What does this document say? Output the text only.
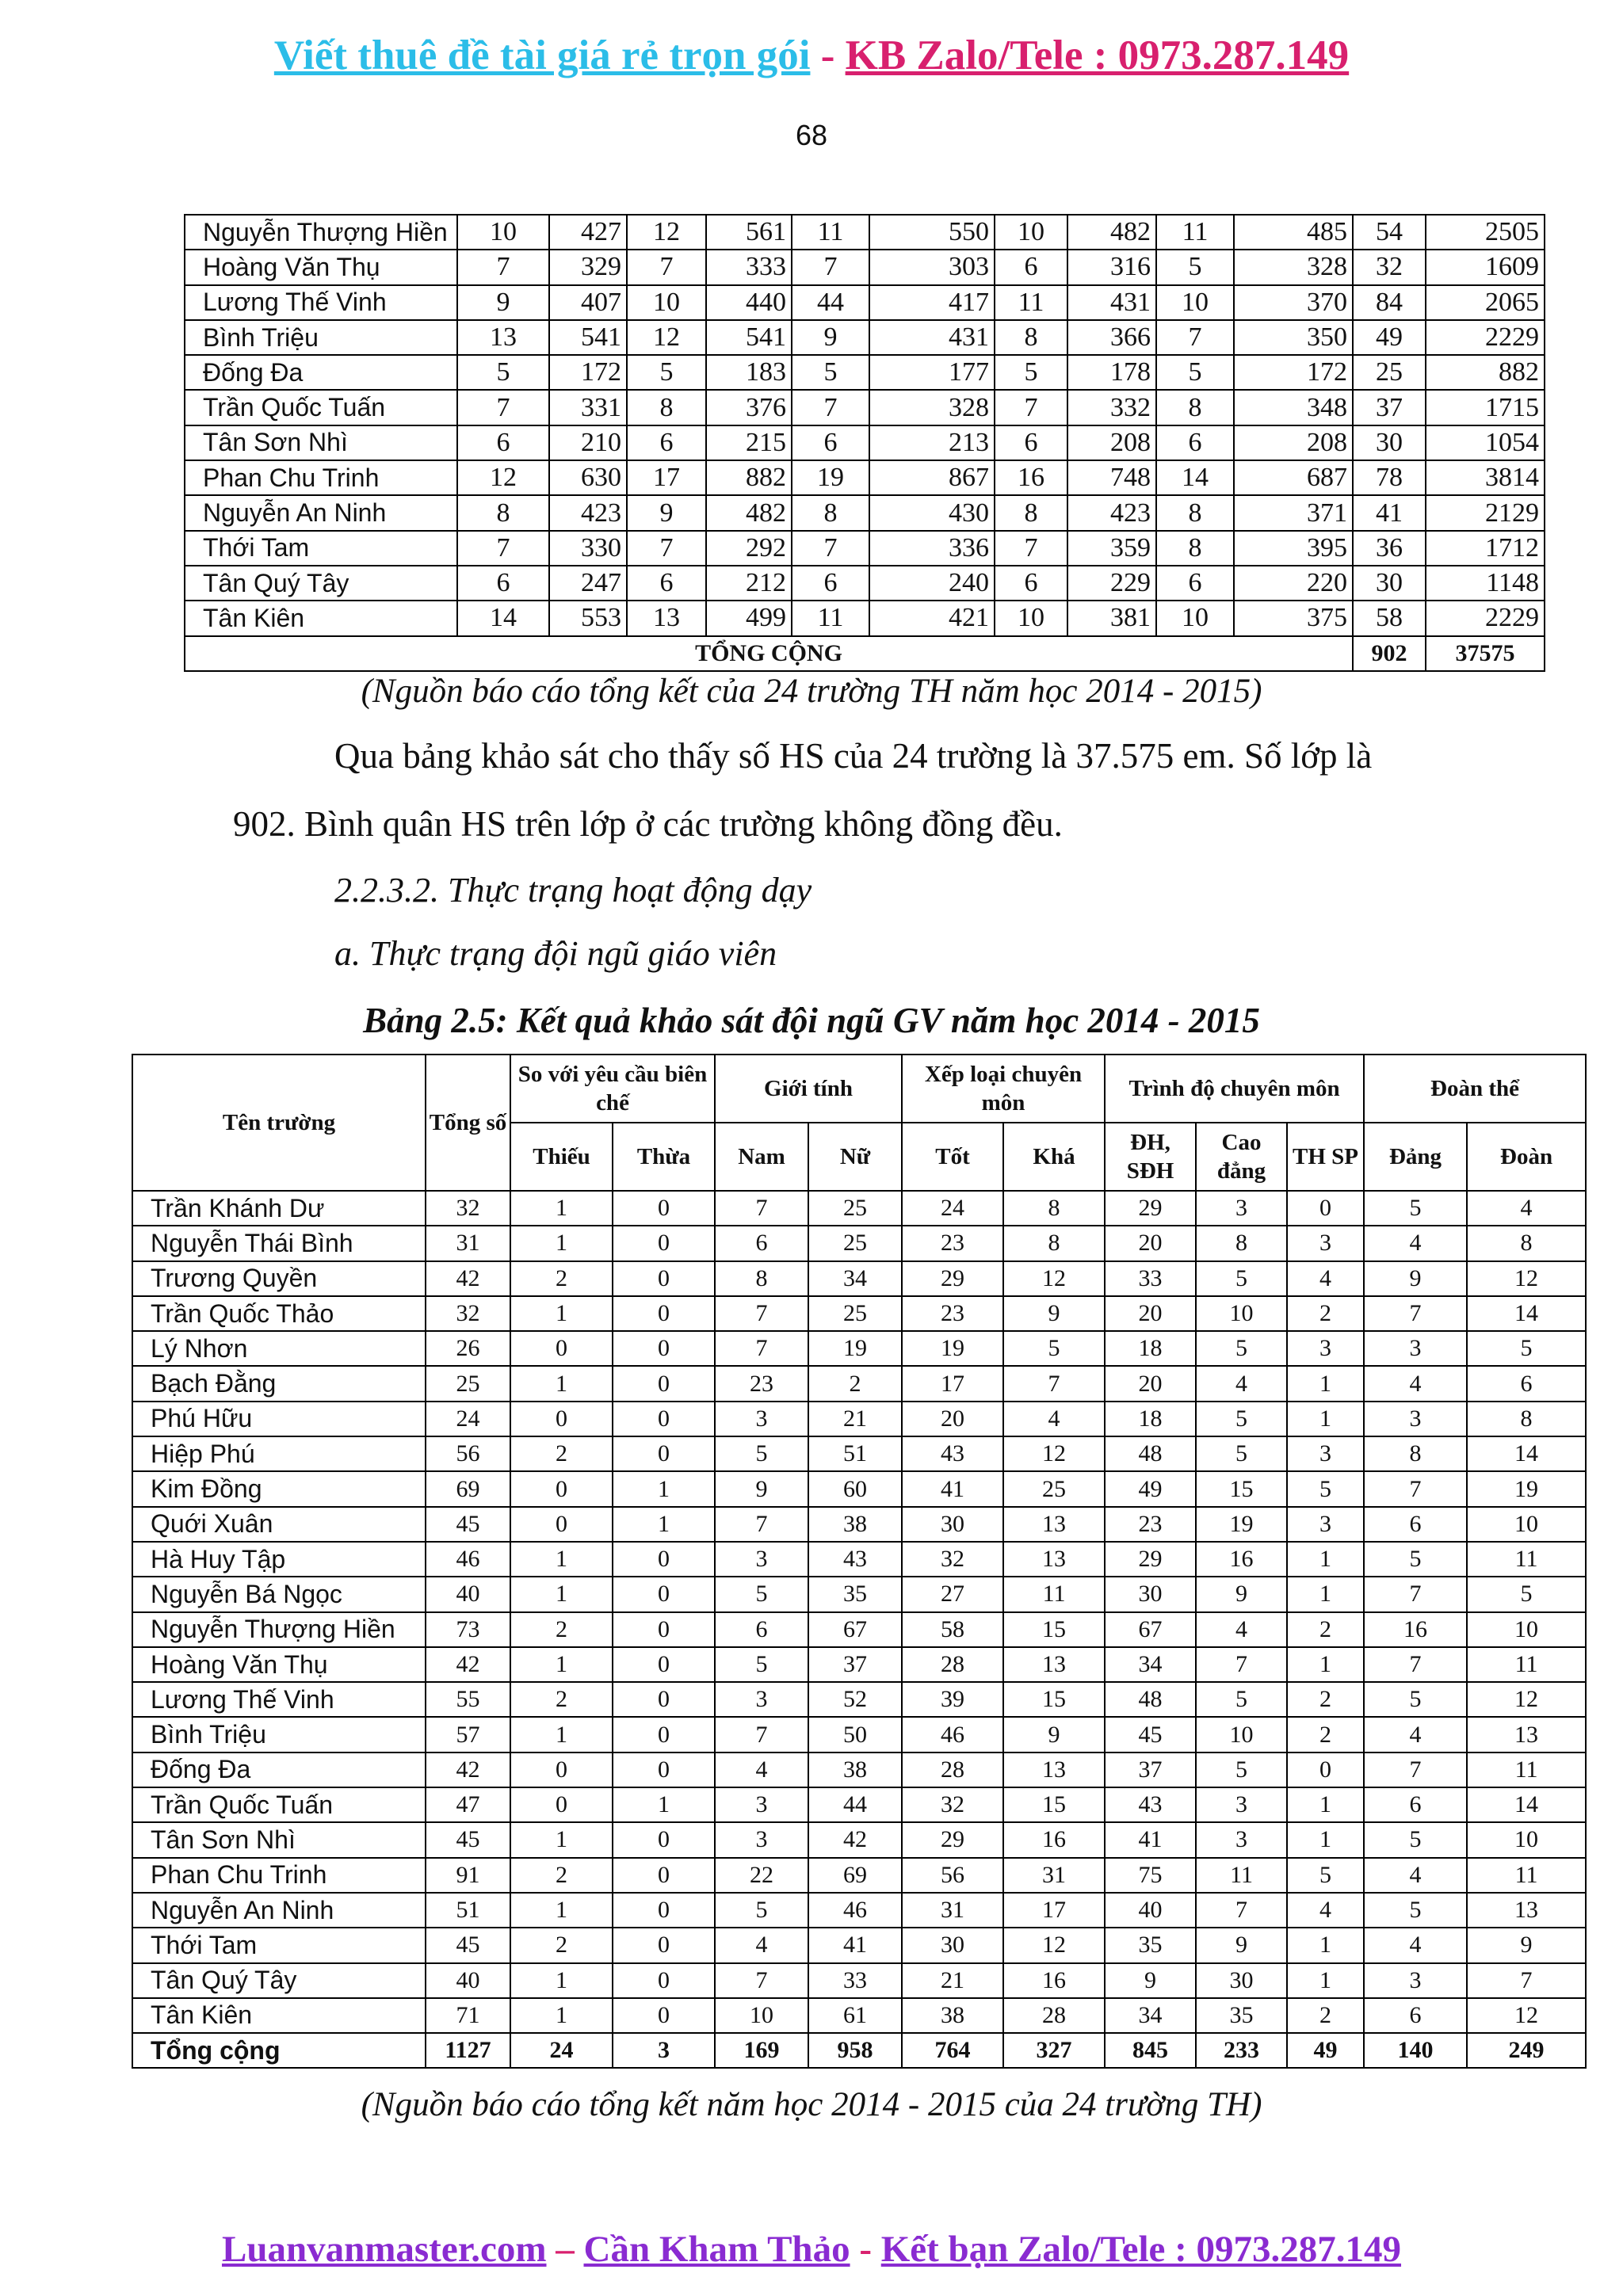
Viết thuê đề tài giá rẻ trọn gói - KB Zalo/Tele : 0973.287.149
68
Nguyễn Thượng Hiền	10	427	12	561	11	550	10	482	11	485	54	2505
Hoàng Văn Thụ	7	329	7	333	7	303	6	316	5	328	32	1609
Lương Thế Vinh	9	407	10	440	44	417	11	431	10	370	84	2065
Bình Triệu	13	541	12	541	9	431	8	366	7	350	49	2229
Đống Đa	5	172	5	183	5	177	5	178	5	172	25	882
Trần Quốc Tuấn	7	331	8	376	7	328	7	332	8	348	37	1715
Tân Sơn Nhì	6	210	6	215	6	213	6	208	6	208	30	1054
Phan Chu Trinh	12	630	17	882	19	867	16	748	14	687	78	3814
Nguyễn An Ninh	8	423	9	482	8	430	8	423	8	371	41	2129
Thới Tam	7	330	7	292	7	336	7	359	8	395	36	1712
Tân Quý Tây	6	247	6	212	6	240	6	229	6	220	30	1148
Tân Kiên	14	553	13	499	11	421	10	381	10	375	58	2229
TỔNG CỘNG											902	37575
(Nguồn báo cáo tổng kết của 24 trường TH năm học 2014 - 2015)
Qua bảng khảo sát cho thấy số HS của 24 trường là 37.575 em. Số lớp là
902. Bình quân HS trên lớp ở các trường không đồng đều.
2.2.3.2. Thực trạng hoạt động dạy
a. Thực trạng đội ngũ giáo viên
Bảng 2.5: Kết quả khảo sát đội ngũ GV năm học 2014 - 2015
Tên trường	Tổng số	So với yêu cầu biên chế		Giới tính		Xếp loại chuyên môn		Trình độ chuyên môn			Đoàn thể	
		Thiếu	Thừa	Nam	Nữ	Tốt	Khá	ĐH, SĐH	Cao đẳng	TH SP	Đảng	Đoàn
Trần Khánh Dư	32	1	0	7	25	24	8	29	3	0	5	4
Nguyễn Thái Bình	31	1	0	6	25	23	8	20	8	3	4	8
Trương Quyền	42	2	0	8	34	29	12	33	5	4	9	12
Trần Quốc Thảo	32	1	0	7	25	23	9	20	10	2	7	14
Lý Nhơn	26	0	0	7	19	19	5	18	5	3	3	5
Bạch Đằng	25	1	0	23	2	17	7	20	4	1	4	6
Phú Hữu	24	0	0	3	21	20	4	18	5	1	3	8
Hiệp Phú	56	2	0	5	51	43	12	48	5	3	8	14
Kim Đồng	69	0	1	9	60	41	25	49	15	5	7	19
Quới Xuân	45	0	1	7	38	30	13	23	19	3	6	10
Hà Huy Tập	46	1	0	3	43	32	13	29	16	1	5	11
Nguyễn Bá Ngọc	40	1	0	5	35	27	11	30	9	1	7	5
Nguyễn Thượng Hiền	73	2	0	6	67	58	15	67	4	2	16	10
Hoàng Văn Thụ	42	1	0	5	37	28	13	34	7	1	7	11
Lương Thế Vinh	55	2	0	3	52	39	15	48	5	2	5	12
Bình Triệu	57	1	0	7	50	46	9	45	10	2	4	13
Đống Đa	42	0	0	4	38	28	13	37	5	0	7	11
Trần Quốc Tuấn	47	0	1	3	44	32	15	43	3	1	6	14
Tân Sơn Nhì	45	1	0	3	42	29	16	41	3	1	5	10
Phan Chu Trinh	91	2	0	22	69	56	31	75	11	5	4	11
Nguyễn An Ninh	51	1	0	5	46	31	17	40	7	4	5	13
Thới Tam	45	2	0	4	41	30	12	35	9	1	4	9
Tân Quý Tây	40	1	0	7	33	21	16	9	30	1	3	7
Tân Kiên	71	1	0	10	61	38	28	34	35	2	6	12
Tổng cộng	1127	24	3	169	958	764	327	845	233	49	140	249
(Nguồn báo cáo tổng kết năm học 2014 - 2015 của 24 trường TH)
Luanvanmaster.com – Cần Kham Thảo - Kết bạn Zalo/Tele : 0973.287.149
